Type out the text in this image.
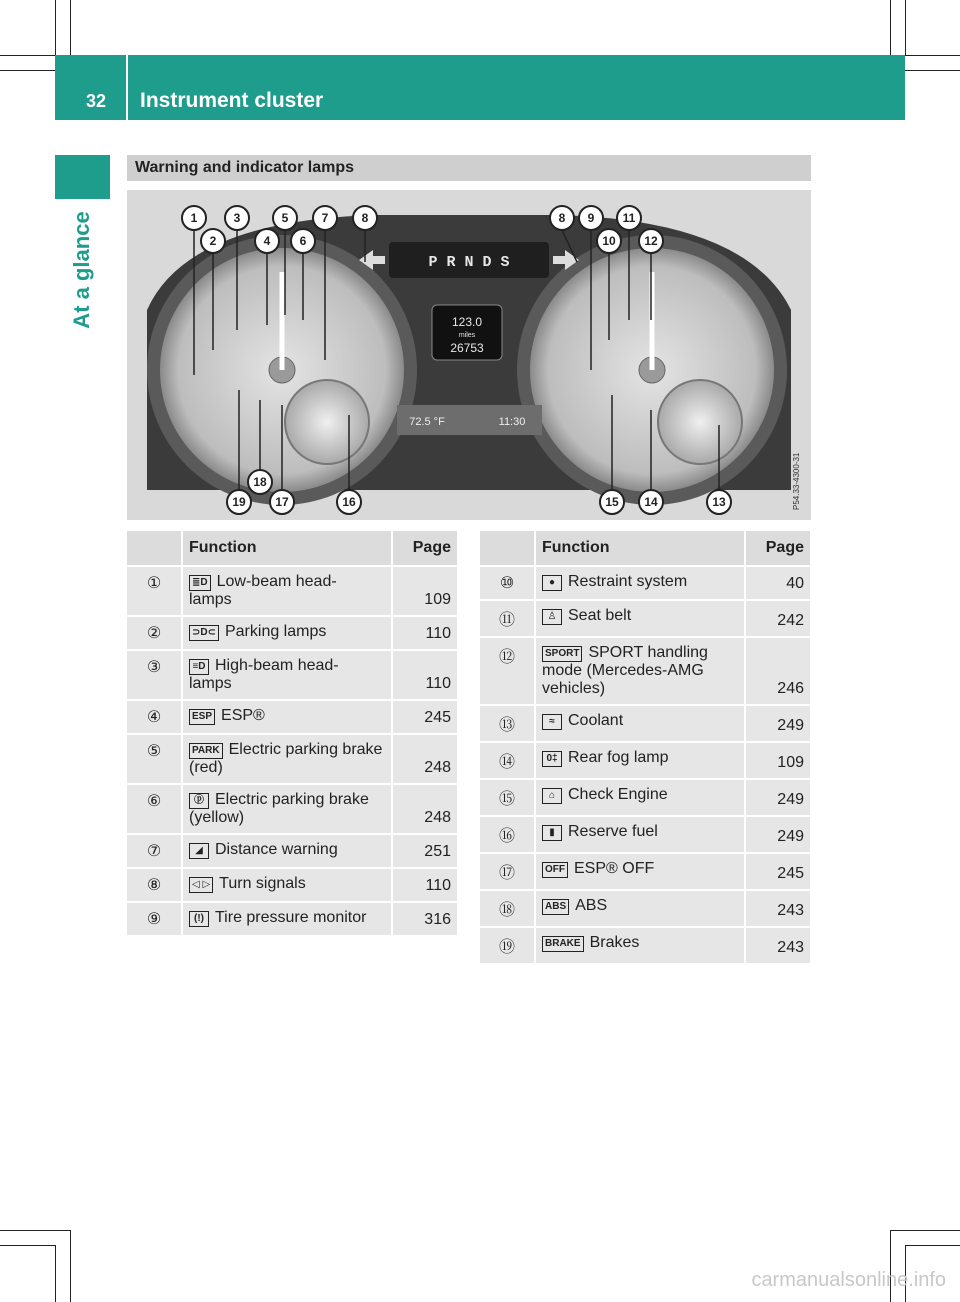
32 Instrument cluster
At a glance
Warning and indicator lamps
1
2
3
4
5
6
7	8	8 9
10
11
12
13
14
15
16
17
18
19
P R N D S
123.0
miles
26753
72.5 °F	11:30
P54.33-4300-31
	Function	Page
①	≣D Low-beam head-
lamps	109
②	⊃D⊂ Parking lamps	110
③	≡D High-beam head-
lamps	110
④	ESP ESP®	245
⑤	PARK Electric parking brake
(red)	248
⑥	ⓟ Electric parking brake
(yellow)	248
⑦	◢ Distance warning	251
⑧	◁ ▷ Turn signals	110
⑨	(!) Tire pressure monitor	316
	Function	Page
⑩	● Restraint system	40
⑪	♙ Seat belt	242
⑫	SPORT SPORT handling
mode (Mercedes-AMG
vehicles)	246
⑬	≈ Coolant	249
⑭	0‡ Rear fog lamp	109
⑮	⌂ Check Engine	249
⑯	▮ Reserve fuel	249
⑰	OFF ESP® OFF	245
⑱	ABS ABS	243
⑲	BRAKE Brakes	243
carmanualsonline.info
